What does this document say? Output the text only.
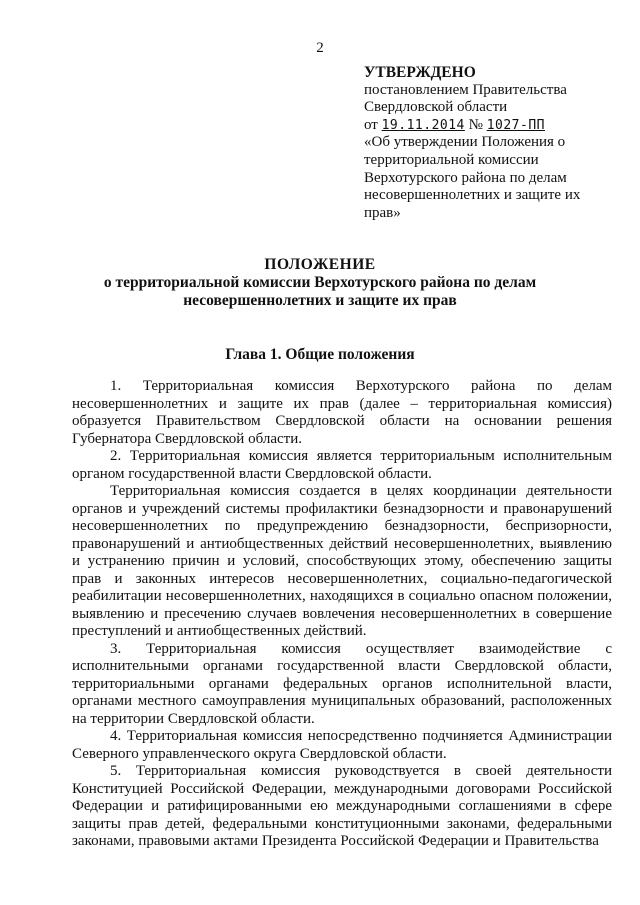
2
УТВЕРЖДЕНО
постановлением Правительства
Свердловской области
от 19.11.2014 № 1027-ПП
«Об утверждении Положения о
территориальной комиссии
Верхотурского района по делам
несовершеннолетних и защите их
прав»
ПОЛОЖЕНИЕ
о территориальной комиссии Верхотурского района по делам
несовершеннолетних и защите их прав
Глава 1. Общие положения

1. Территориальная комиссия Верхотурского района по делам несовершеннолетних и защите их прав (далее – территориальная комиссия) образуется Правительством Свердловской области на основании решения Губернатора Свердловской области.

2. Территориальная комиссия является территориальным исполнительным органом государственной власти Свердловской области.

Территориальная комиссия создается в целях координации деятельности органов и учреждений системы профилактики безнадзорности и правонарушений несовершеннолетних по предупреждению безнадзорности, беспризорности, правонарушений и антиобщественных действий несовершеннолетних, выявлению и устранению причин и условий, способствующих этому, обеспечению защиты прав и законных интересов несовершеннолетних, социально-педагогической реабилитации несовершеннолетних, находящихся в социально опасном положении, выявлению и пресечению случаев вовлечения несовершеннолетних в совершение преступлений и антиобщественных действий.

3. Территориальная комиссия осуществляет взаимодействие с исполнительными органами государственной власти Свердловской области, территориальными органами федеральных органов исполнительной власти, органами местного самоуправления муниципальных образований, расположенных на территории Свердловской области.

4. Территориальная комиссия непосредственно подчиняется Администрации Северного управленческого округа Свердловской области.

5. Территориальная комиссия руководствуется в своей деятельности Конституцией Российской Федерации, международными договорами Российской Федерации и ратифицированными ею международными соглашениями в сфере защиты прав детей, федеральными конституционными законами, федеральными законами, правовыми актами Президента Российской Федерации и Правительства
